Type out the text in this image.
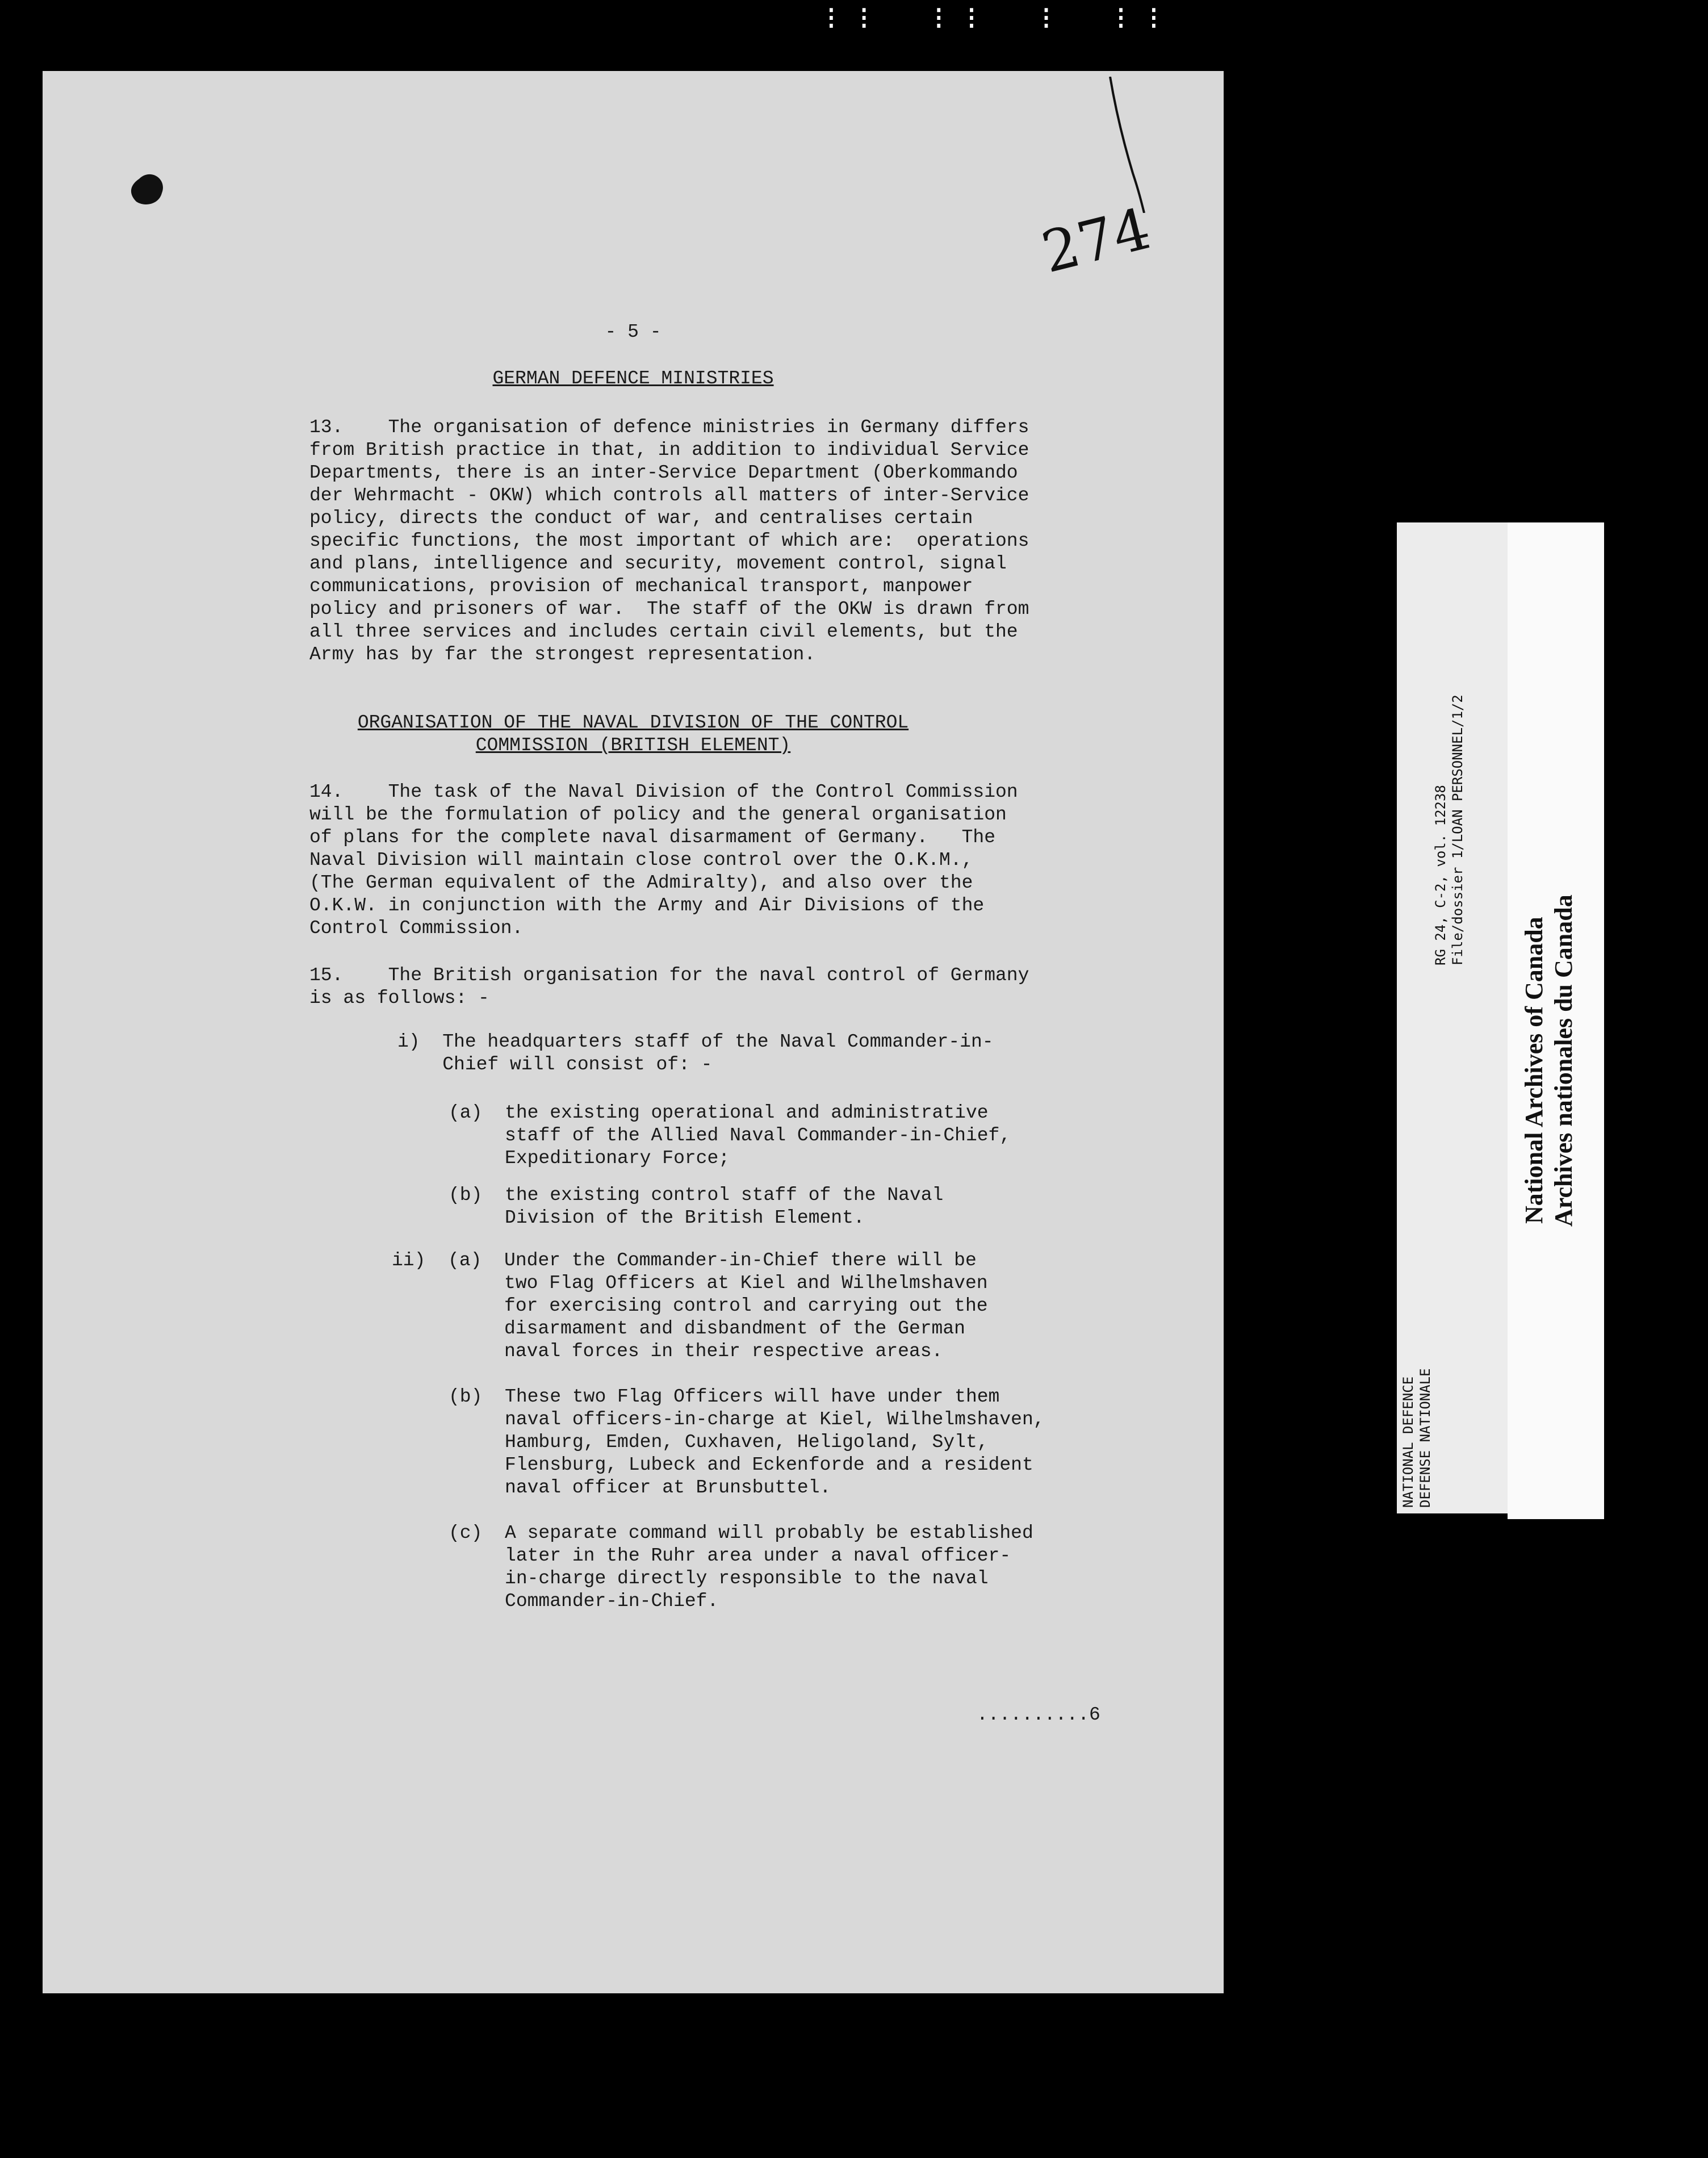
⁝⁝ ⁝⁝ ⁝ ⁝⁝
274
- 5 -
GERMAN DEFENCE MINISTRIES
13.    The organisation of defence ministries in Germany differs
from British practice in that, in addition to individual Service
Departments, there is an inter-Service Department (Oberkommando
der Wehrmacht - OKW) which controls all matters of inter-Service
policy, directs the conduct of war, and centralises certain
specific functions, the most important of which are:  operations
and plans, intelligence and security, movement control, signal
communications, provision of mechanical transport, manpower
policy and prisoners of war.  The staff of the OKW is drawn from
all three services and includes certain civil elements, but the
Army has by far the strongest representation.
ORGANISATION OF THE NAVAL DIVISION OF THE CONTROL
COMMISSION (BRITISH ELEMENT)
14.    The task of the Naval Division of the Control Commission
will be the formulation of policy and the general organisation
of plans for the complete naval disarmament of Germany.   The
Naval Division will maintain close control over the O.K.M.,
(The German equivalent of the Admiralty), and also over the
O.K.W. in conjunction with the Army and Air Divisions of the
Control Commission.
15.    The British organisation for the naval control of Germany
is as follows: -
i)  The headquarters staff of the Naval Commander-in-
Chief will consist of: -
(a)  the existing operational and administrative
staff of the Allied Naval Commander-in-Chief,
Expeditionary Force;
(b)  the existing control staff of the Naval
Division of the British Element.
ii)  (a)  Under the Commander-in-Chief there will be
two Flag Officers at Kiel and Wilhelmshaven
for exercising control and carrying out the
disarmament and disbandment of the German
naval forces in their respective areas.
(b)  These two Flag Officers will have under them
naval officers-in-charge at Kiel, Wilhelmshaven,
Hamburg, Emden, Cuxhaven, Heligoland, Sylt,
Flensburg, Lubeck and Eckenforde and a resident
naval officer at Brunsbuttel.
(c)  A separate command will probably be established
later in the Ruhr area under a naval officer-
in-charge directly responsible to the naval
Commander-in-Chief.
..........6
NATIONAL DEFENCE DEFENSE NATIONALE
RG 24, C-2, vol. 12238 File/dossier 1/LOAN PERSONNEL/1/2
National Archives of Canada Archives nationales du Canada
